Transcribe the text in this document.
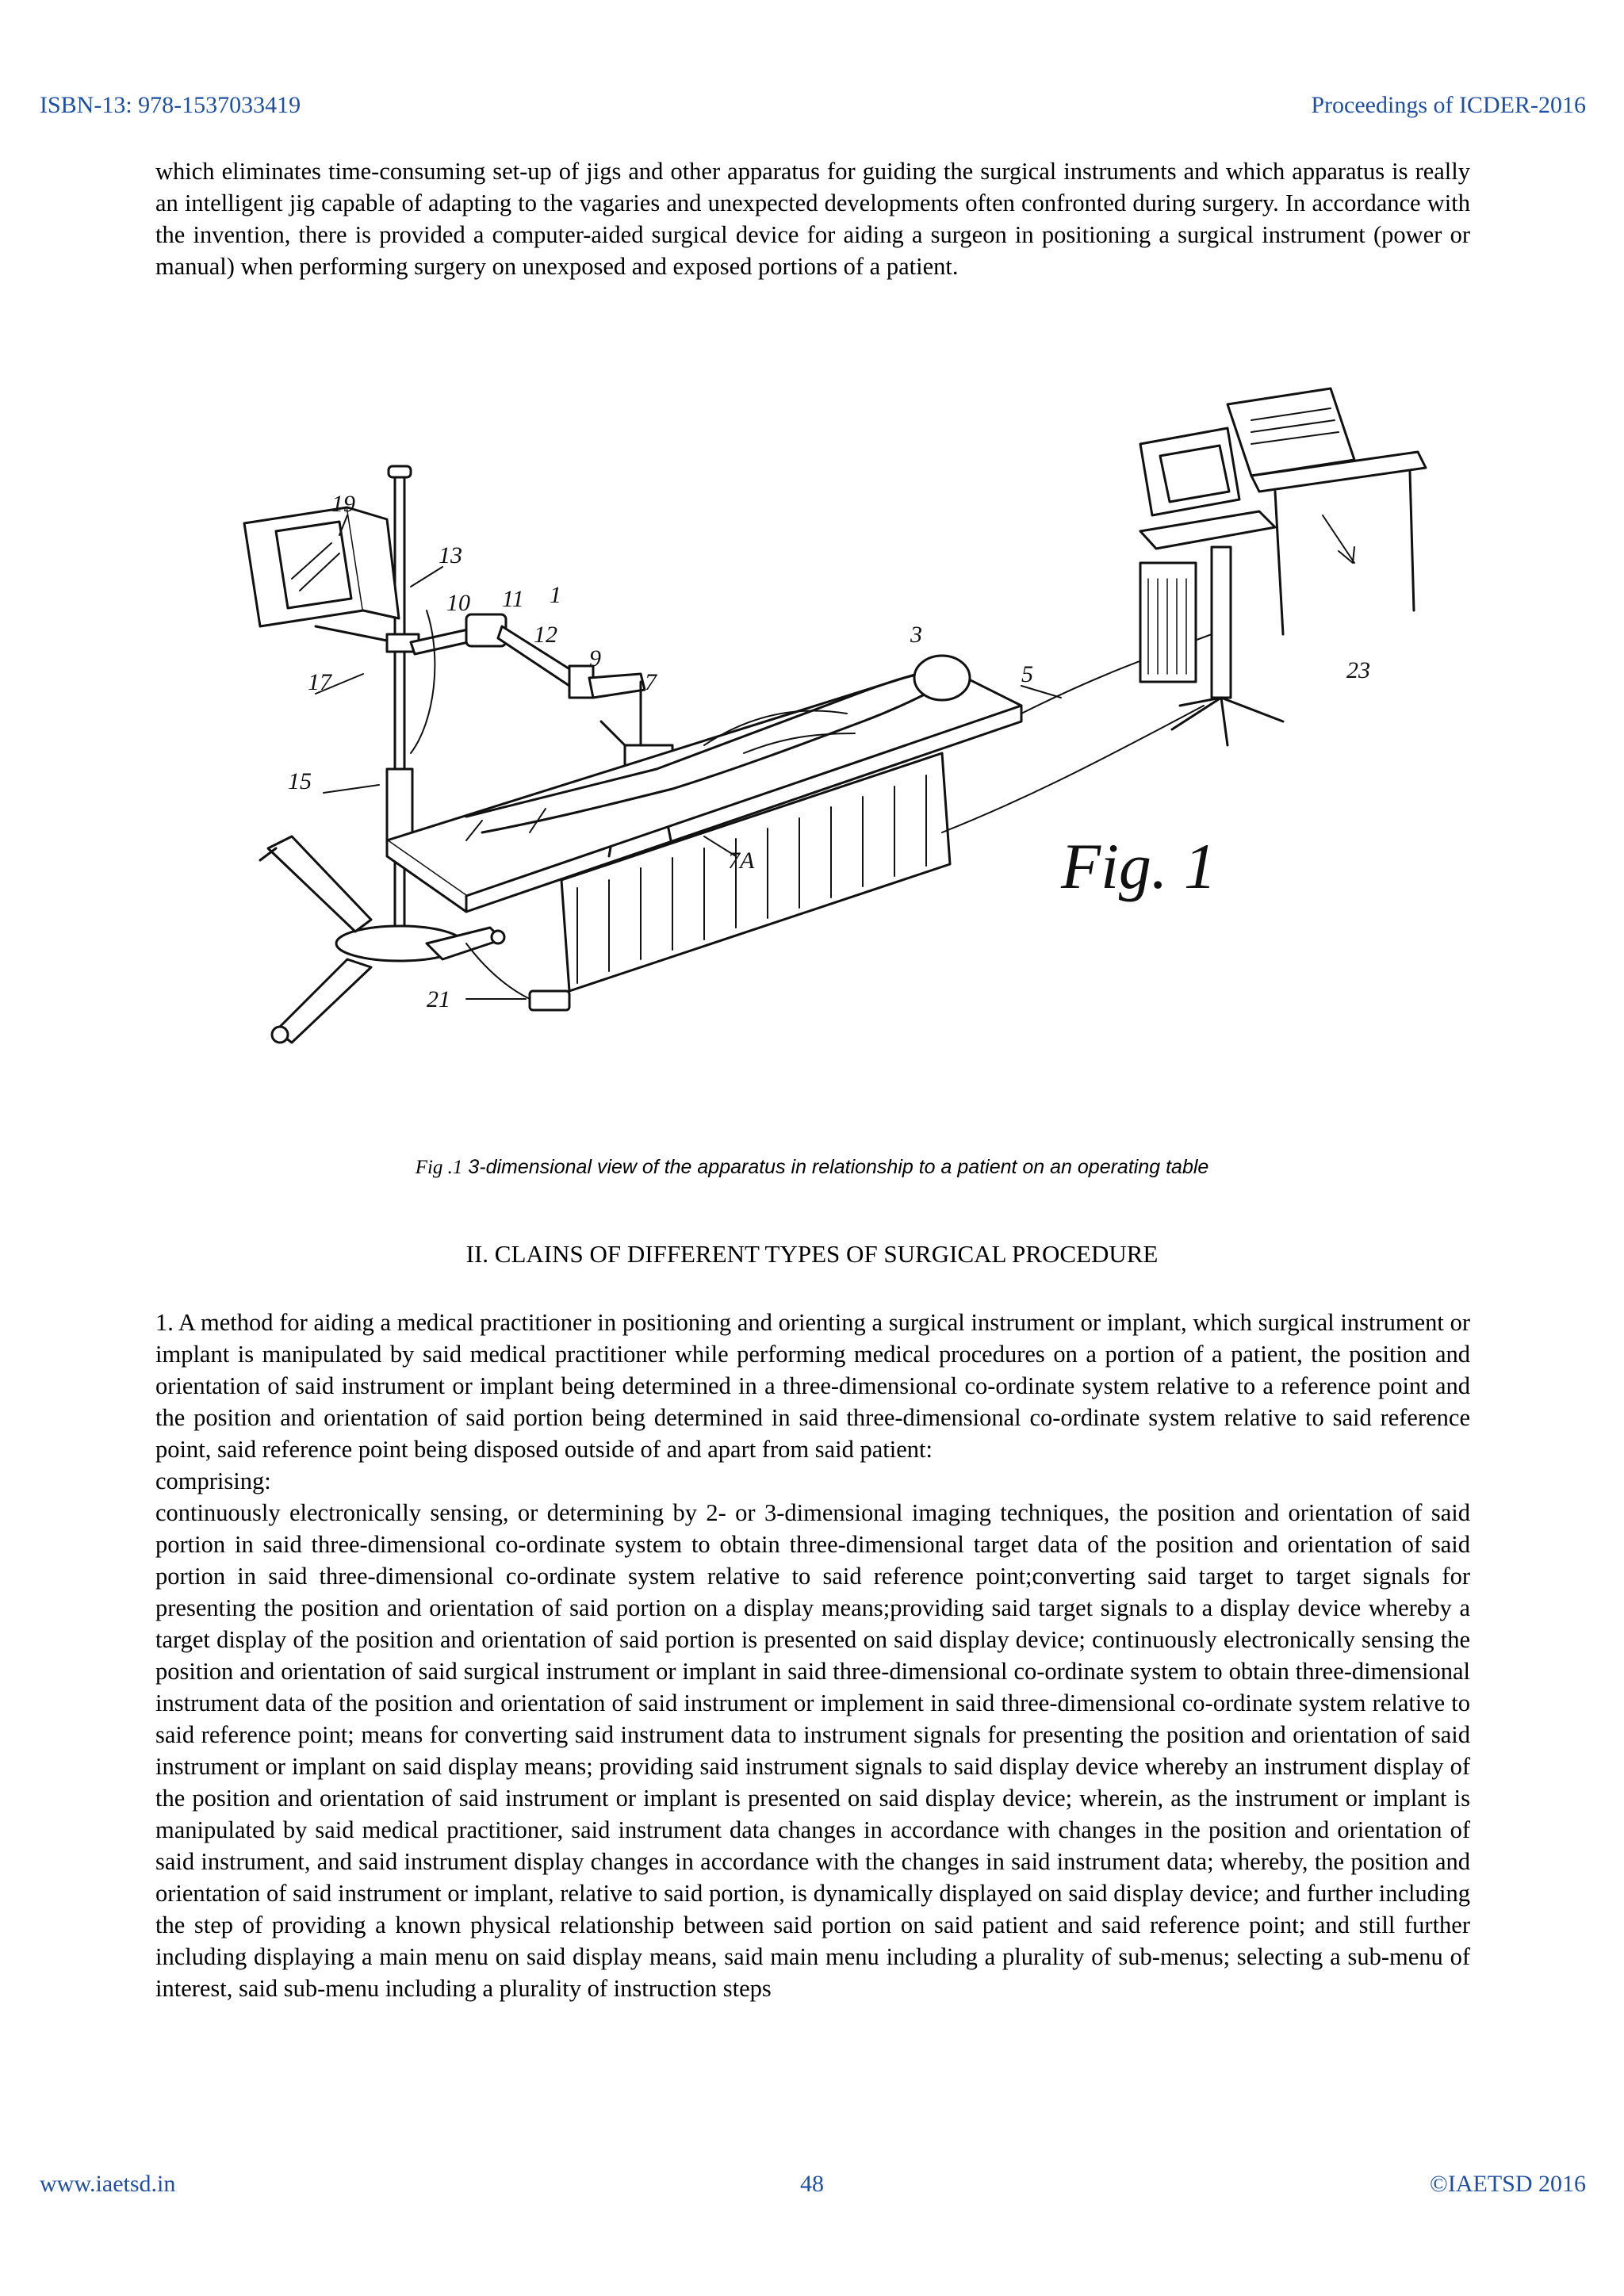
ISBN-13: 978-1537033419	Proceedings of ICDER-2016

which eliminates time-consuming set-up of jigs and other apparatus for guiding the surgical instruments and which apparatus is really an intelligent jig capable of adapting to the vagaries and unexpected developments often confronted during surgery. In accordance with the invention, there is provided a computer-aided surgical device for aiding a surgeon in positioning a surgical instrument (power or manual) when performing surgery on unexposed and exposed portions of a patient.

19
13
10 11 1
12
9
7
3
5
17
15
7A
21
23
Fig. 1
Fig .1 3-dimensional view of the apparatus in relationship to a patient on an operating table
II. CLAINS OF DIFFERENT TYPES OF SURGICAL PROCEDURE
1. A method for aiding a medical practitioner in positioning and orienting a surgical instrument or implant, which surgical instrument or implant is manipulated by said medical practitioner while performing medical procedures on a portion of a patient, the position and orientation of said instrument or implant being determined in a three-dimensional co-ordinate system relative to a reference point and the position and orientation of said portion being determined in said three-dimensional co-ordinate system relative to said reference point, said reference point being disposed outside of and apart from said patient:
comprising:
continuously electronically sensing, or determining by 2- or 3-dimensional imaging techniques, the position and orientation of said portion in said three-dimensional co-ordinate system to obtain three-dimensional target data of the position and orientation of said portion in said three-dimensional co-ordinate system relative to said reference point;converting said target to target signals for presenting the position and orientation of said portion on a display means;providing said target signals to a display device whereby a target display of the position and orientation of said portion is presented on said display device; continuously electronically sensing the position and orientation of said surgical instrument or implant in said three-dimensional co-ordinate system to obtain three-dimensional instrument data of the position and orientation of said instrument or implement in said three-dimensional co-ordinate system relative to said reference point; means for converting said instrument data to instrument signals for presenting the position and orientation of said instrument or implant on said display means; providing said instrument signals to said display device whereby an instrument display of the position and orientation of said instrument or implant is presented on said display device; wherein, as the instrument or implant is manipulated by said medical practitioner, said instrument data changes in accordance with changes in the position and orientation of said instrument, and said instrument display changes in accordance with the changes in said instrument data; whereby, the position and orientation of said instrument or implant, relative to said portion, is dynamically displayed on said display device; and further including the step of providing a known physical relationship between said portion on said patient and said reference point; and still further including displaying a main menu on said display means, said main menu including a plurality of sub-menus; selecting a sub-menu of interest, said sub-menu including a plurality of instruction steps
www.iaetsd.in	48	©IAETSD 2016
